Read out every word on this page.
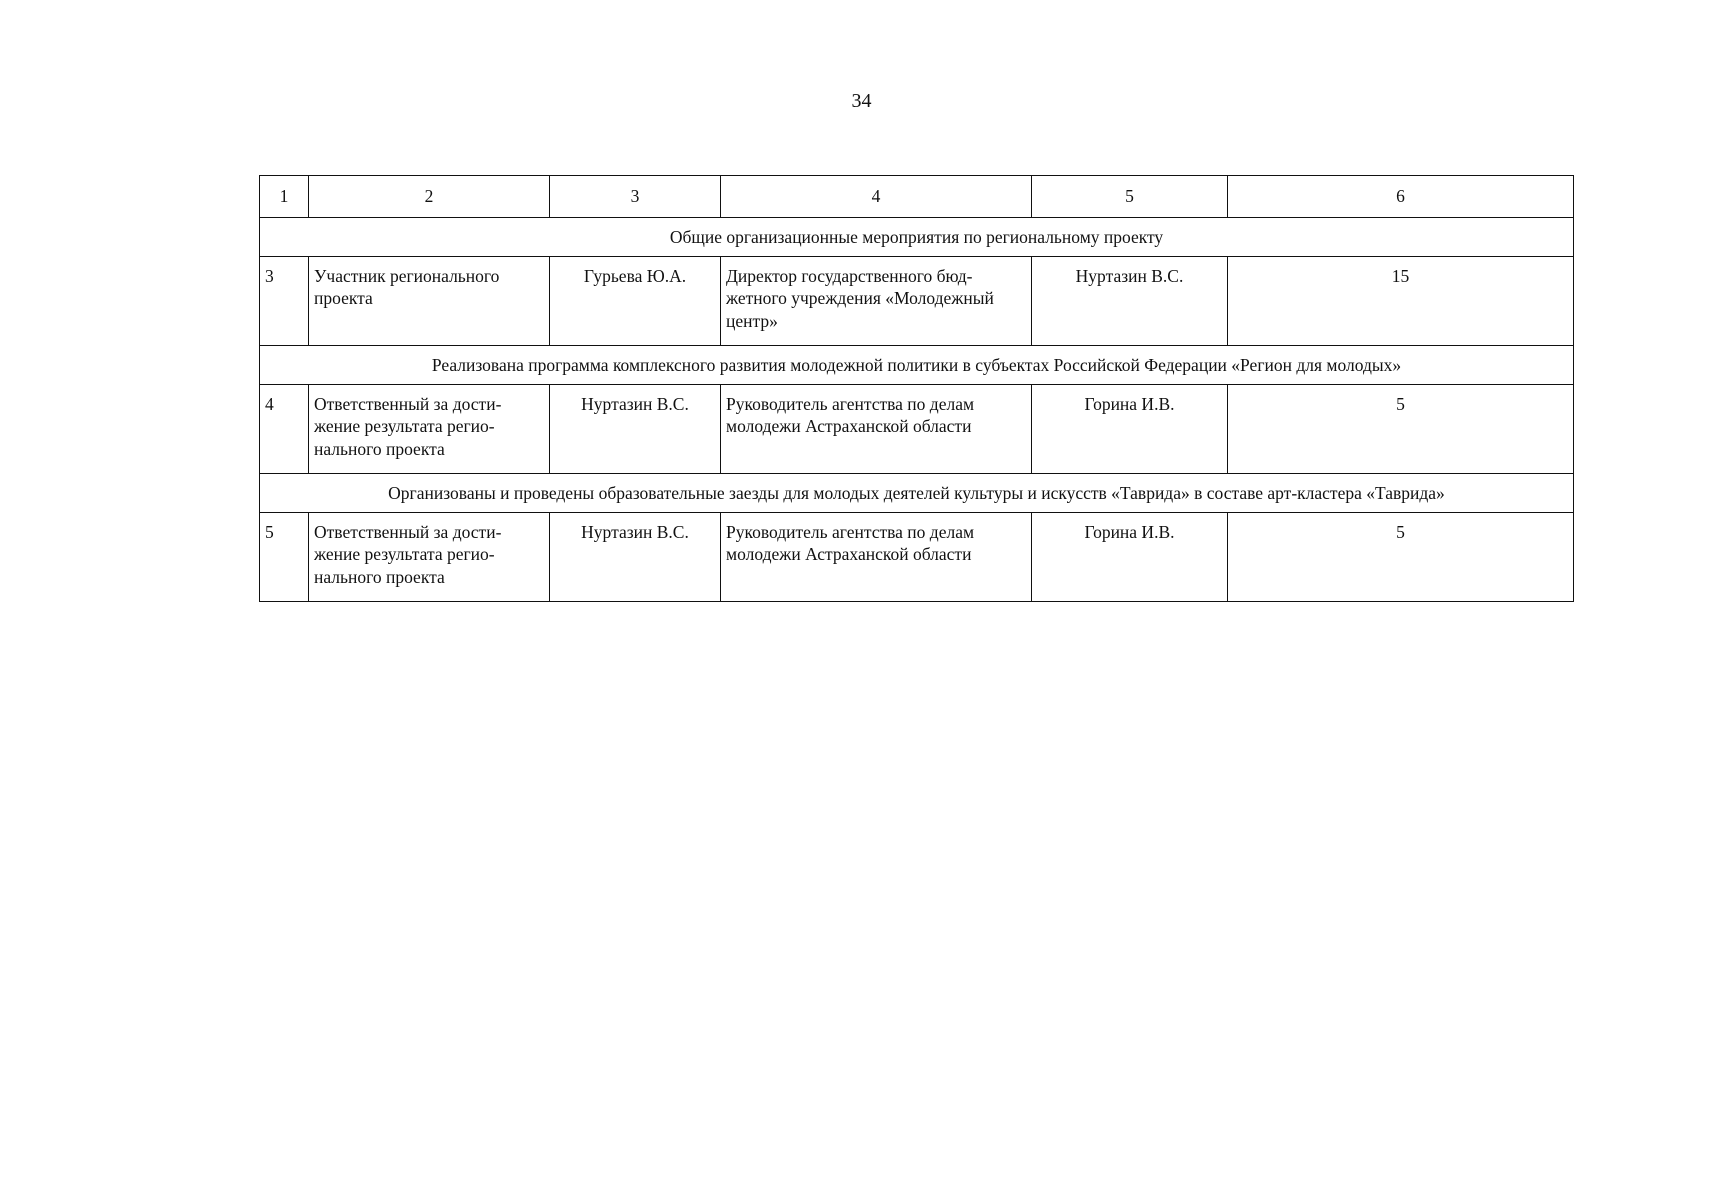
34
1	2	3	4	5	6
Общие организационные мероприятия по региональному проекту					
3	Участник регионального проекта	Гурьева Ю.А.	Директор государственного бюд-жетного учреждения «Молодежный центр»	Нуртазин В.С.	15
Реализована программа комплексного развития молодежной политики в субъектах Российской Федерации «Регион для молодых»					
4	Ответственный за дости-жение результата регио-нального проекта	Нуртазин В.С.	Руководитель агентства по делам молодежи Астраханской области	Горина И.В.	5
Организованы и проведены образовательные заезды для молодых деятелей культуры и искусств «Таврида» в составе арт-кластера «Таврида»					
5	Ответственный за дости-жение результата регио-нального проекта	Нуртазин В.С.	Руководитель агентства по делам молодежи Астраханской области	Горина И.В.	5
